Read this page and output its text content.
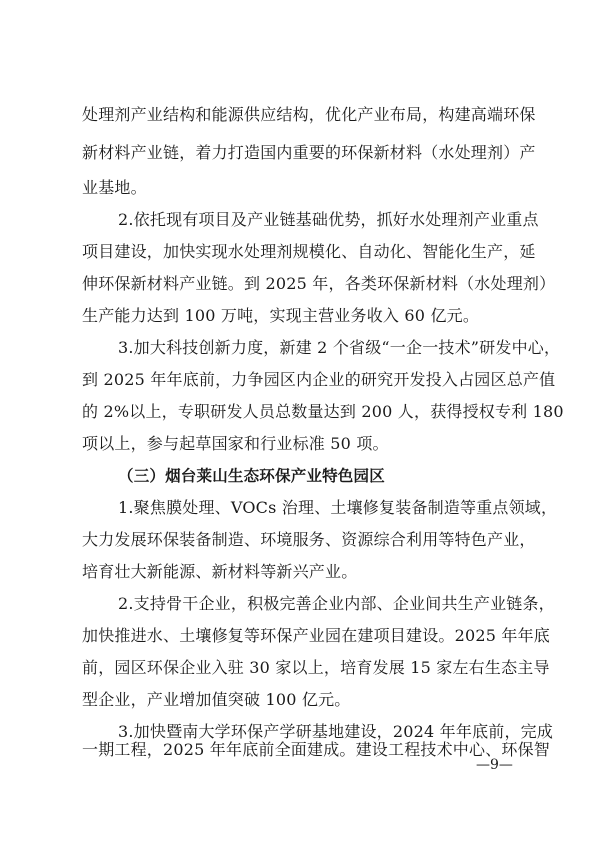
处理剂产业结构和能源供应结构，优化产业布局，构建高端环保
新材料产业链，着力打造国内重要的环保新材料（水处理剂）产
业基地。
2.依托现有项目及产业链基础优势，抓好水处理剂产业重点
项目建设，加快实现水处理剂规模化、自动化、智能化生产，延
伸环保新材料产业链。到 2025 年，各类环保新材料（水处理剂）
生产能力达到 100 万吨，实现主营业务收入 60 亿元。
3.加大科技创新力度，新建 2 个省级“一企一技术”研发中心，
到 2025 年年底前，力争园区内企业的研究开发投入占园区总产值
的 2%以上，专职研发人员总数量达到 200 人，获得授权专利 180
项以上，参与起草国家和行业标准 50 项。
（三）烟台莱山生态环保产业特色园区
1.聚焦膜处理、VOCs 治理、土壤修复装备制造等重点领域，
大力发展环保装备制造、环境服务、资源综合利用等特色产业，
培育壮大新能源、新材料等新兴产业。
2.支持骨干企业，积极完善企业内部、企业间共生产业链条，
加快推进水、土壤修复等环保产业园在建项目建设。2025 年年底
前，园区环保企业入驻 30 家以上，培育发展 15 家左右生态主导
型企业，产业增加值突破 100 亿元。
3.加快暨南大学环保产学研基地建设，2024 年年底前，完成
一期工程，2025 年年底前全面建成。建设工程技术中心、环保智
—9—
